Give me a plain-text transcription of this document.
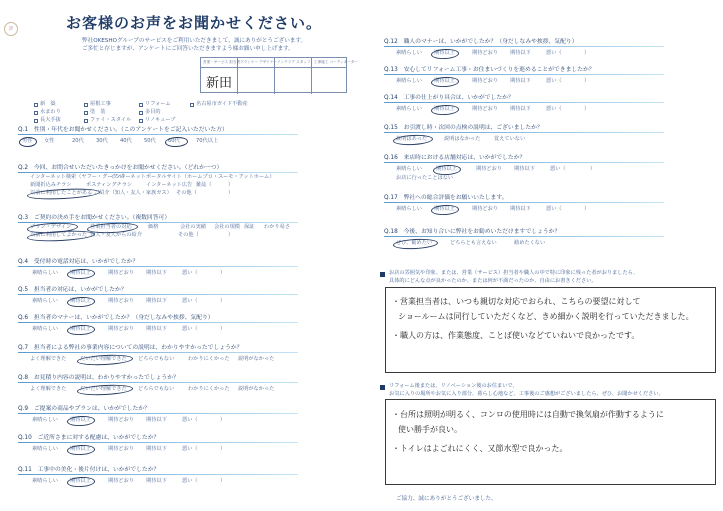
評	お客様のお声をお聞かせください。
弊社OKESHOグループのサービスをご利用いただきまして、誠にありがとうございます。
ご多忙と存じますが、アンケートにご回答いただきますよう様お願い申し上げます。
営業・サービス 担当者 プランナー デザイナー インテリア スタッフ 工事施工 コーディネーター
新田
新　築	屋根工事	リフォーム
水まわり	塗　装	多目的
長大手抜	ファイ・スタイル	リノキューブ
名古屋市ガイド不動産
Q.1　性別・年代をお聞かせください。（このアンケートをご記入いただいた方）
男性 女性	20代 30代 40代 50代 60代	70代以上
Q.2　今回、お問合せいただいたきっかけをお聞かせください。（どれか一つ）
インターネット検索（ヤフー・グーグル）
インターネットポータルサイト（ホームプロ・スーモ・アットホーム）
新聞折込みチラシ	ポスティングチラシ	インターネット広告 雑誌（	）
以前に利用したことがある ご紹介（知人・友人・家族ガス） その他（	）
Q.3　ご契約の決め手をお聞かせください。（複数回答可）
プラン・デザイン	営業担当者の対応	価格	会社の実績 会社の規模 保証 わかり易さ
以前に利用してよかった 知人・友人からの紹介	その他（	）
Q.4　受付時の電話対応は、いかがでしたか？
素晴らしい 期待以上	期待どおり 期待以下	悪い（	）
Q.5　担当者の対応は、いかがでしたか？
素晴らしい 期待以上	期待どおり 期待以下	悪い（	）
Q.6　担当者のマナーは、いかがでしたか？（身だしなみや挨拶、気配り）
素晴らしい 期待以上	期待どおり 期待以下	悪い（	）
Q.7　担当者による弊社の事業内容についての説明は、わかりやすかったでしょうか？
よく理解できた	だいたい理解できた どちらでもない	わかりにくかった 説明がなかった
Q.8　お見積り内容の説明は、わかりやすかったでしょうか？
よく理解できた	だいたい理解できた どちらでもない	わかりにくかった 説明がなかった
Q.9　ご提案の商品やプランは、いかがでしたか？
素晴らしい 期待以上	期待どおり 期待以下	悪い（	）
Q.10　ご近所さまに対する配慮は、いかがでしたか？
素晴らしい 期待以上	期待どおり 期待以下	悪い（	）
Q.11　工事中の美化・後片付けは、いかがでしたか？
素晴らしい 期待以上	期待どおり 期待以下	悪い（	）
Q.12　職人のマナーは、いかがでしたか？（身だしなみや挨拶、気配り）
素晴らしい 期待以上	期待どおり 期待以下	悪い（	）
Q.13　安心してリフォーム工事・お住まいづくりを進めることができましたか？
素晴らしい 期待以上	期待どおり 期待以下	悪い（	）
Q.14　工事の仕上がり具合は、いかがでしたか？
素晴らしい 期待以上	期待どおり 期待以下	悪い（	）
Q.15　お引渡し時・次回の点検の説明は、ございましたか？
説明はあった	説明はなかった	覚えていない
Q.16　来店時における店舗対応は、いかがでしたか？
素晴らしい	期待以上	期待どおり 期待以下	悪い（	）
お店に行ったことはない
Q.17　弊社への総合評価をお願いいたします。
素晴らしい 期待以上	期待どおり 期待以下	悪い（	）
Q.18　今後、お知り合いに弊社をお勧めいただけますでしょうか？
ぜひ、勧めたい	どちらとも言えない	勧めたくない
お店の雰囲気や印象、または、営業（サービス）担当者や職人の中で特に印象に残った者がおりましたら、
具体的にどんな点が良かったのか、または何が不満だったのか、自由にお書きください。
・営業担当者は、いつも親切な対応でおられ、こちらの要望に対して
ショールームは同行していただくなど、きめ細かく説明を行っていただきました。
・職人の方は、作業態度、ことば使いなどていねいで良かったです。
リフォーム後または、リノベーション後のお住まいで、
お気に入りの場所やお気に入り部分、暮らし心地など、工事後のご感想がございましたら、ぜひ、お聞かせください。
・台所は照明が明るく、コンロの使用時には自動で換気扇が作動するように
使い勝手が良い。
・トイレはよごれにくく、又節水型で良かった。
ご協力、誠にありがとうございました。
